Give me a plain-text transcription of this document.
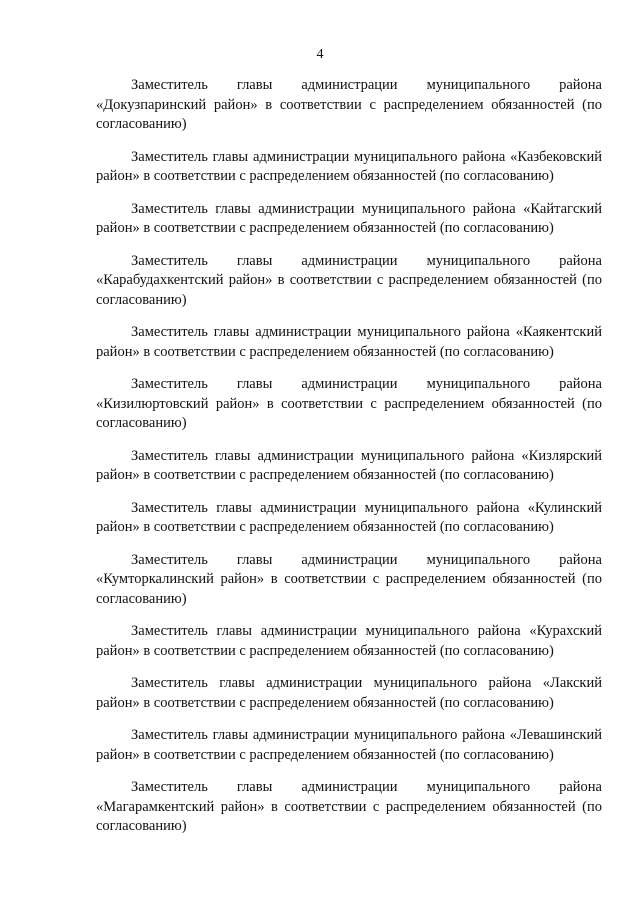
4

Заместитель главы администрации муниципального района «Докузпаринский район» в соответствии с распределением обязанностей (по согласованию)

Заместитель главы администрации муниципального района «Казбековский район» в соответствии с распределением обязанностей (по согласованию)

Заместитель главы администрации муниципального района «Кайтагский район» в соответствии с распределением обязанностей (по согласованию)

Заместитель главы администрации муниципального района «Карабудахкентский район» в соответствии с распределением обязанностей (по согласованию)

Заместитель главы администрации муниципального района «Каякентский район» в соответствии с распределением обязанностей (по согласованию)

Заместитель главы администрации муниципального района «Кизилюртовский район» в соответствии с распределением обязанностей (по согласованию)

Заместитель главы администрации муниципального района «Кизлярский район» в соответствии с распределением обязанностей (по согласованию)

Заместитель главы администрации муниципального района «Кулинский район» в соответствии с распределением обязанностей (по согласованию)

Заместитель главы администрации муниципального района «Кумторкалинский район» в соответствии с распределением обязанностей (по согласованию)

Заместитель главы администрации муниципального района «Курахский район» в соответствии с распределением обязанностей (по согласованию)

Заместитель главы администрации муниципального района «Лакский район» в соответствии с распределением обязанностей (по согласованию)

Заместитель главы администрации муниципального района «Левашинский район» в соответствии с распределением обязанностей (по согласованию)

Заместитель главы администрации муниципального района «Магарамкентский район» в соответствии с распределением обязанностей (по согласованию)
